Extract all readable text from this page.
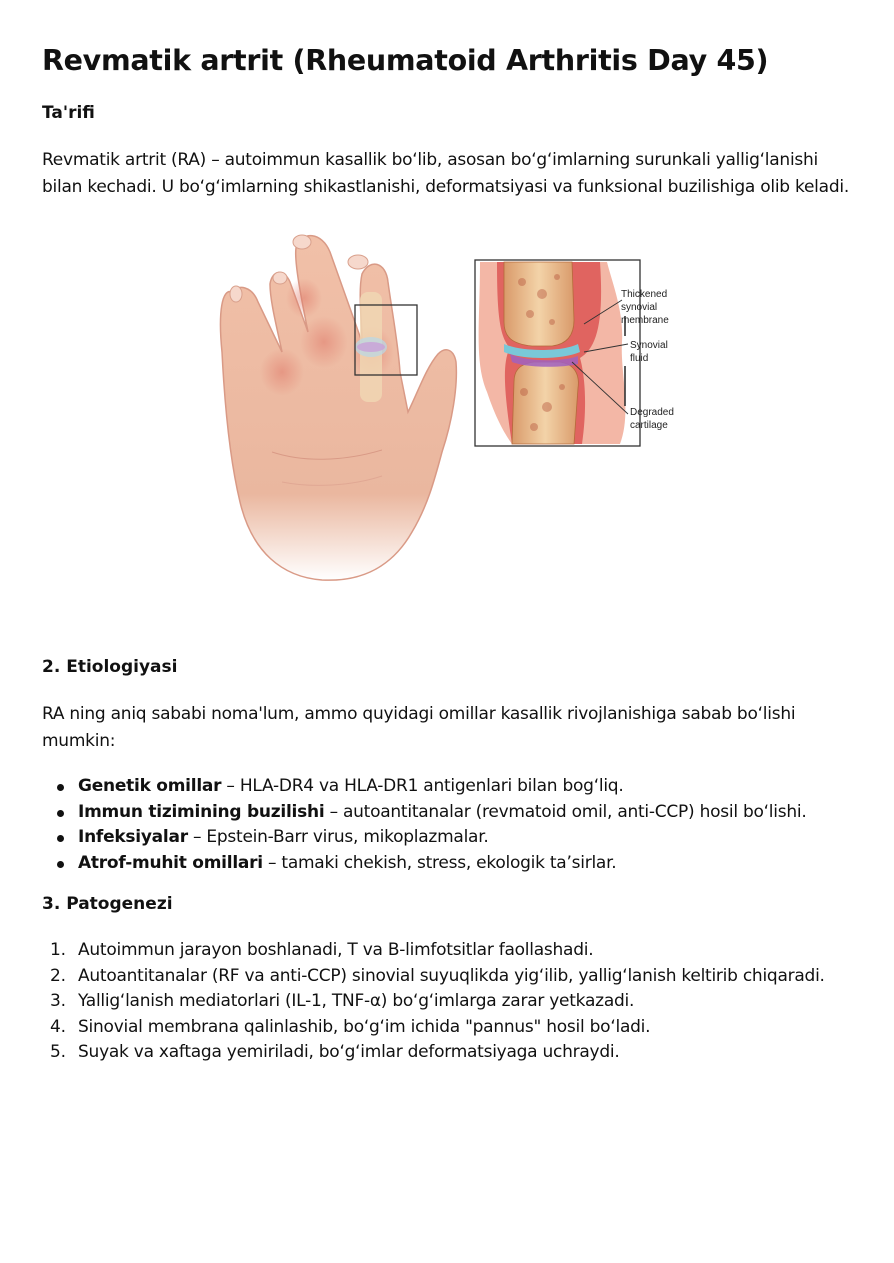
Revmatik artrit (Rheumatoid Arthritis Day 45)
Ta'rifi
Revmatik artrit (RA) – autoimmun kasallik bo‘lib, asosan bo‘g‘imlarning surunkali yallig‘lanishi
bilan kechadi. U bo‘g‘imlarning shikastlanishi, deformatsiyasi va funksional buzilishiga olib keladi.
2. Etiologiyasi
RA ning aniq sababi noma'lum, ammo quyidagi omillar kasallik rivojlanishiga sabab bo‘lishi
mumkin:
Genetik omillar – HLA-DR4 va HLA-DR1 antigenlari bilan bog‘liq.
Immun tizimining buzilishi – autoantitanalar (revmatoid omil, anti-CCP) hosil bo‘lishi.
Infeksiyalar – Epstein-Barr virus, mikoplazmalar.
Atrof-muhit omillari – tamaki chekish, stress, ekologik ta’sirlar.
3. Patogenezi
1. Autoimmun jarayon boshlanadi, T va B-limfotsitlar faollashadi.
2. Autoantitanalar (RF va anti-CCP) sinovial suyuqlikda yig‘ilib, yallig‘lanish keltirib chiqaradi.
3. Yallig‘lanish mediatorlari (IL-1, TNF-α) bo‘g‘imlarga zarar yetkazadi.
4. Sinovial membrana qalinlashib, bo‘g‘im ichida "pannus" hosil bo‘ladi.
5. Suyak va xaftaga yemiriladi, bo‘g‘imlar deformatsiyaga uchraydi.
Thickened
synovial
membrane
Synovial
fluid
Degraded
cartilage
